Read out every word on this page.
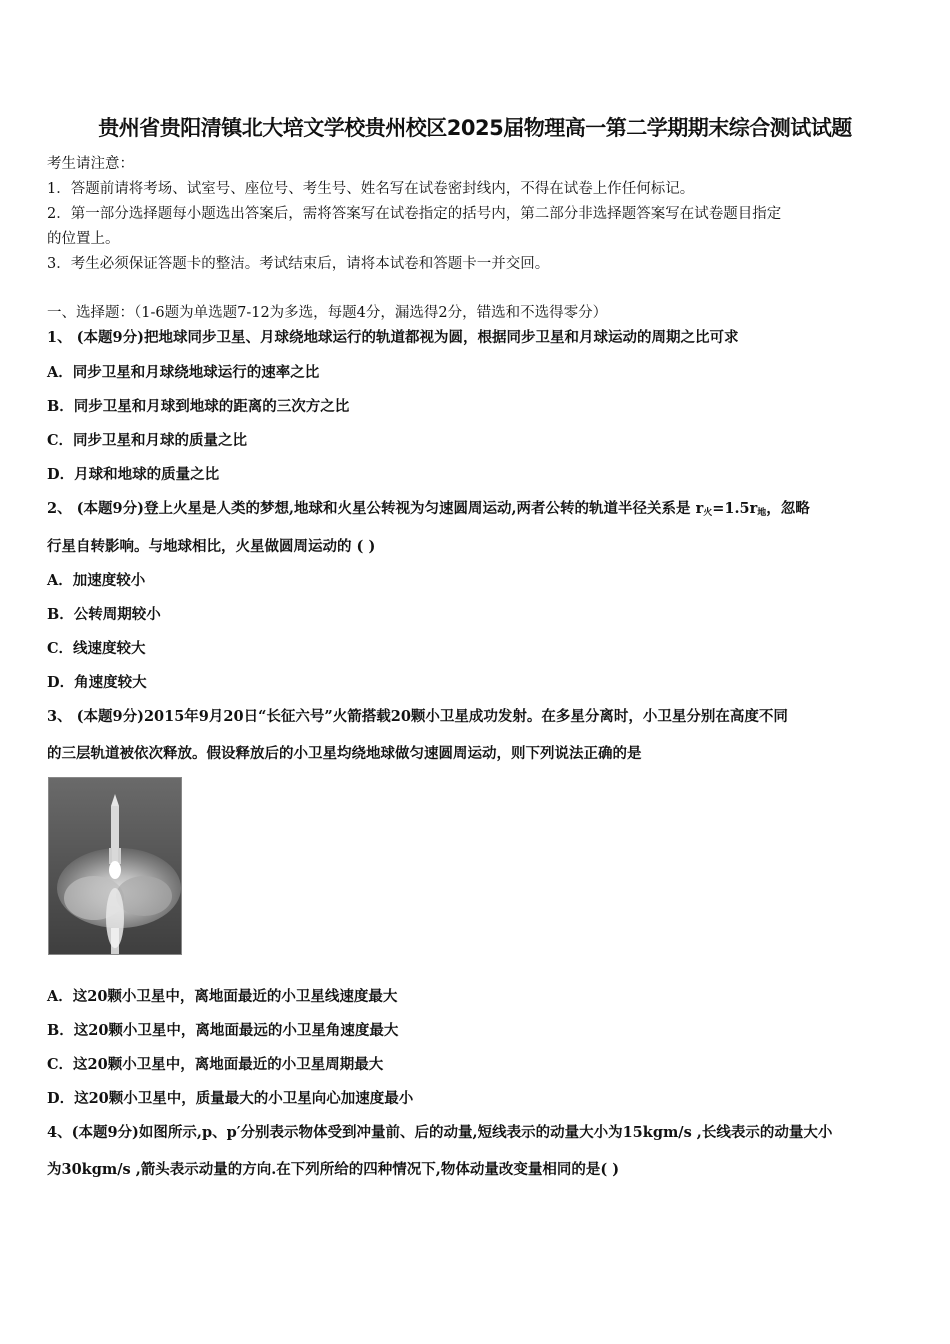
贵州省贵阳清镇北大培文学校贵州校区2025届物理高一第二学期期末综合测试试题
考生请注意：
1．答题前请将考场、试室号、座位号、考生号、姓名写在试卷密封线内，不得在试卷上作任何标记。
2．第一部分选择题每小题选出答案后，需将答案写在试卷指定的括号内，第二部分非选择题答案写在试卷题目指定
的位置上。
3．考生必须保证答题卡的整洁。考试结束后，请将本试卷和答题卡一并交回。
一、选择题：（1-6题为单选题7-12为多选，每题4分，漏选得2分，错选和不选得零分）
1、 (本题9分)把地球同步卫星、月球绕地球运行的轨道都视为圆，根据同步卫星和月球运动的周期之比可求
A．同步卫星和月球绕地球运行的速率之比
B．同步卫星和月球到地球的距离的三次方之比
C．同步卫星和月球的质量之比
D．月球和地球的质量之比
2、 (本题9分)登上火星是人类的梦想,地球和火星公转视为匀速圆周运动,两者公转的轨道半径关系是 $r_火=1.5r_地$，忽略
行星自转影响。与地球相比，火星做圆周运动的 ( )
A．加速度较小
B．公转周期较小
C．线速度较大
D．角速度较大
3、 (本题9分)2015年9月20日“长征六号”火箭搭载20颗小卫星成功发射。在多星分离时，小卫星分别在高度不同
的三层轨道被依次释放。假设释放后的小卫星均绕地球做匀速圆周运动，则下列说法正确的是
A．这20颗小卫星中，离地面最近的小卫星线速度最大
B．这20颗小卫星中，离地面最远的小卫星角速度最大
C．这20颗小卫星中，离地面最近的小卫星周期最大
D．这20颗小卫星中，质量最大的小卫星向心加速度最小
4、(本题9分)如图所示,p、p′分别表示物体受到冲量前、后的动量,短线表示的动量大小为15kgm/s ,长线表示的动量大小
为30kgm/s ,箭头表示动量的方向.在下列所给的四种情况下,物体动量改变量相同的是( )
